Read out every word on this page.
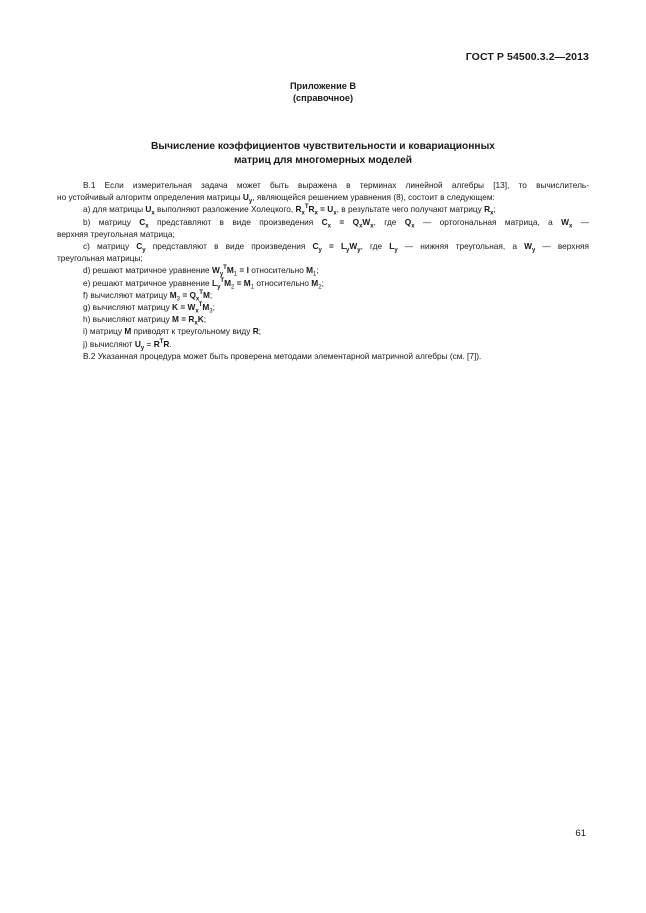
ГОСТ Р 54500.3.2—2013
Приложение В
(справочное)
Вычисление коэффициентов чувствительности и ковариационных
матриц для многомерных моделей

В.1 Если измерительная задача может быть выражена в терминах линейной алгебры [13], то вычислитель-

но устойчивый алгоритм определения матрицы $U_y$, являющейся решением уравнения (8), состоит в следующем:

а) для матрицы $U_x$ выполняют разложение Холецкого, $R_x^TR_x = U_x$, в результате чего получают матрицу $R_x$;

b) матрицу $C_x$ представляют в виде произведения $C_x = Q_xW_x$, где $Q_x$ — ортогональная матрица, а $W_x$ —

верхняя треугольная матрица;

с) матрицу $C_y$ представляют в виде произведения $C_y = L_yW_y$, где $L_y$ — нижняя треугольная, а $W_y$ — верхняя

треугольная матрицы;

d) решают матричное уравнение $W_y^TM_1 = I$ относительно $M_1$;

е) решают матричное уравнение $L_y^TM_2 = M_1$ относительно $M_2$;

f) вычисляют матрицу $M_3 = Q_x^TM$;

g) вычисляют матрицу $K = W_x^TM_3$;

h) вычисляют матрицу $M = R_xK$;

i) матрицу M приводят к треугольному виду R;

j) вычисляют $U_y = R^TR$.

В.2 Указанная процедура может быть проверена методами элементарной матричной алгебры (см. [7]).

61
